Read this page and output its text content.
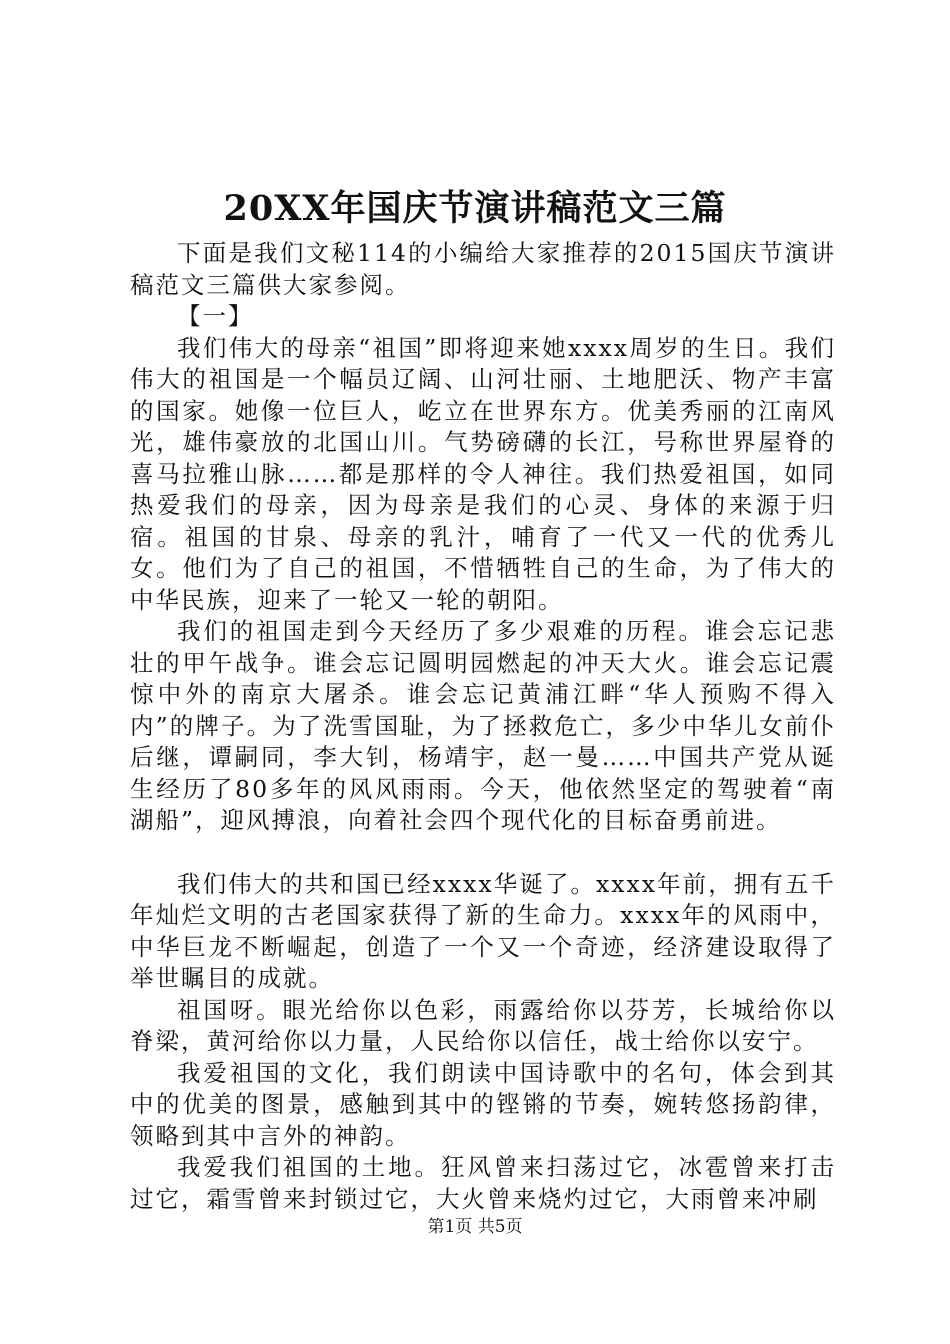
20XX年国庆节演讲稿范文三篇

下面是我们文秘114的小编给大家推荐的2015国庆节演讲稿范文三篇供大家参阅。

【一】

我们伟大的母亲“祖国”即将迎来她xxxx周岁的生日。我们伟大的祖国是一个幅员辽阔、山河壮丽、土地肥沃、物产丰富的国家。她像一位巨人，屹立在世界东方。优美秀丽的江南风光，雄伟豪放的北国山川。气势磅礴的长江，号称世界屋脊的喜马拉雅山脉……都是那样的令人神往。我们热爱祖国，如同热爱我们的母亲，因为母亲是我们的心灵、身体的来源于归宿。祖国的甘泉、母亲的乳汁，哺育了一代又一代的优秀儿女。他们为了自己的祖国，不惜牺牲自己的生命，为了伟大的中华民族，迎来了一轮又一轮的朝阳。

我们的祖国走到今天经历了多少艰难的历程。谁会忘记悲壮的甲午战争。谁会忘记圆明园燃起的冲天大火。谁会忘记震惊中外的南京大屠杀。谁会忘记黄浦江畔“华人预购不得入内”的牌子。为了洗雪国耻，为了拯救危亡，多少中华儿女前仆后继，谭嗣同，李大钊，杨靖宇，赵一曼……中国共产党从诞生经历了80多年的风风雨雨。今天，他依然坚定的驾驶着“南湖船”，迎风搏浪，向着社会四个现代化的目标奋勇前进。

我们伟大的共和国已经xxxx华诞了。xxxx年前，拥有五千年灿烂文明的古老国家获得了新的生命力。xxxx年的风雨中，中华巨龙不断崛起，创造了一个又一个奇迹，经济建设取得了举世瞩目的成就。

祖国呀。眼光给你以色彩，雨露给你以芬芳，长城给你以脊梁，黄河给你以力量，人民给你以信任，战士给你以安宁。

我爱祖国的文化，我们朗读中国诗歌中的名句，体会到其中的优美的图景，感触到其中的铿锵的节奏，婉转悠扬韵律，领略到其中言外的神韵。

我爱我们祖国的土地。狂风曾来扫荡过它，冰雹曾来打击过它，霜雪曾来封锁过它，大火曾来烧灼过它，大雨曾来冲刷

第1页 共5页
